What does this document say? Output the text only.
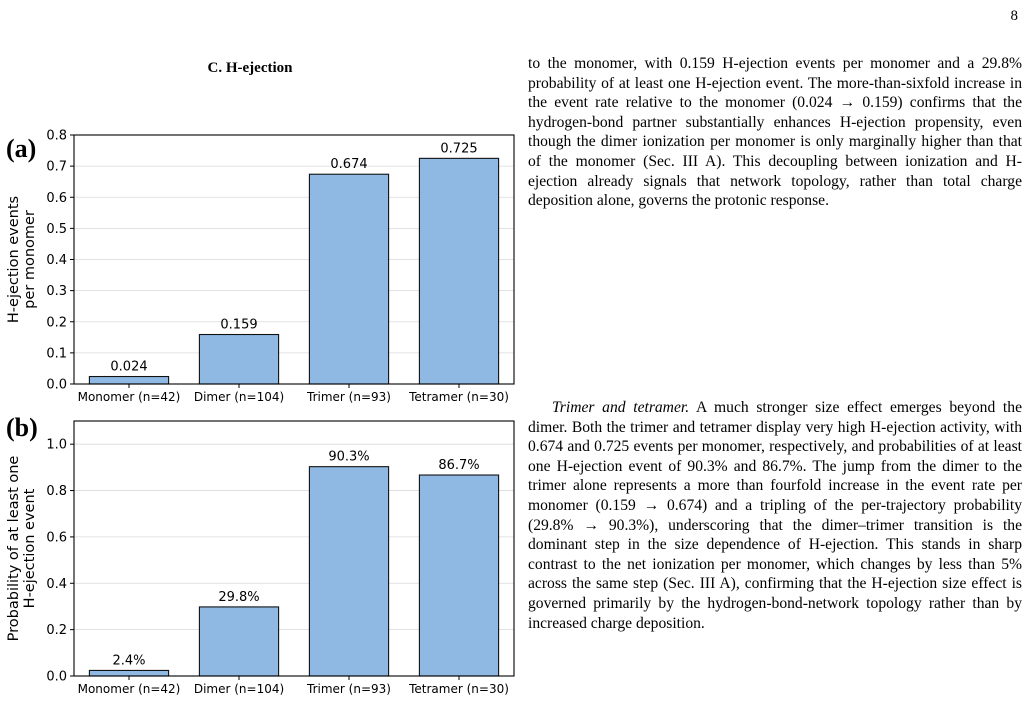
8
C. H-ejection
(a)
(b)
0.024
Monomer (n=42)
0.159
Dimer (n=104)
0.674
Trimer (n=93)
0.725
Tetramer (n=30)
0.0
0.1
0.2
0.3
0.4
0.5
0.6
0.7
0.8
H-ejection events per monomer
2.4%
Monomer (n=42)
29.8%
Dimer (n=104)
90.3%
Trimer (n=93)
86.7%
Tetramer (n=30)
0.0
0.2
0.4
0.6
0.8
1.0
Probability of at least one H-ejection event

to the monomer, with 0.159 H-ejection events per monomer and a 29.8% probability of at least one H-ejection event. The more-than-sixfold increase in the event rate relative to the monomer (0.024 → 0.159) confirms that the hydrogen-bond partner substantially enhances H-ejection propensity, even though the dimer ionization per monomer is only marginally higher than that of the monomer (Sec. III A). This decoupling between ionization and H-ejection already signals that network topology, rather than total charge deposition alone, governs the protonic response.

Trimer and tetramer. A much stronger size effect emerges beyond the dimer. Both the trimer and tetramer display very high H-ejection activity, with 0.674 and 0.725 events per monomer, respectively, and probabilities of at least one H-ejection event of 90.3% and 86.7%. The jump from the dimer to the trimer alone represents a more than fourfold increase in the event rate per monomer (0.159 → 0.674) and a tripling of the per-trajectory probability (29.8% → 90.3%), underscoring that the dimer–trimer transition is the dominant step in the size dependence of H-ejection. This stands in sharp contrast to the net ionization per monomer, which changes by less than 5% across the same step (Sec. III A), confirming that the H-ejection size effect is governed primarily by the hydrogen-bond-network topology rather than by increased charge deposition.
